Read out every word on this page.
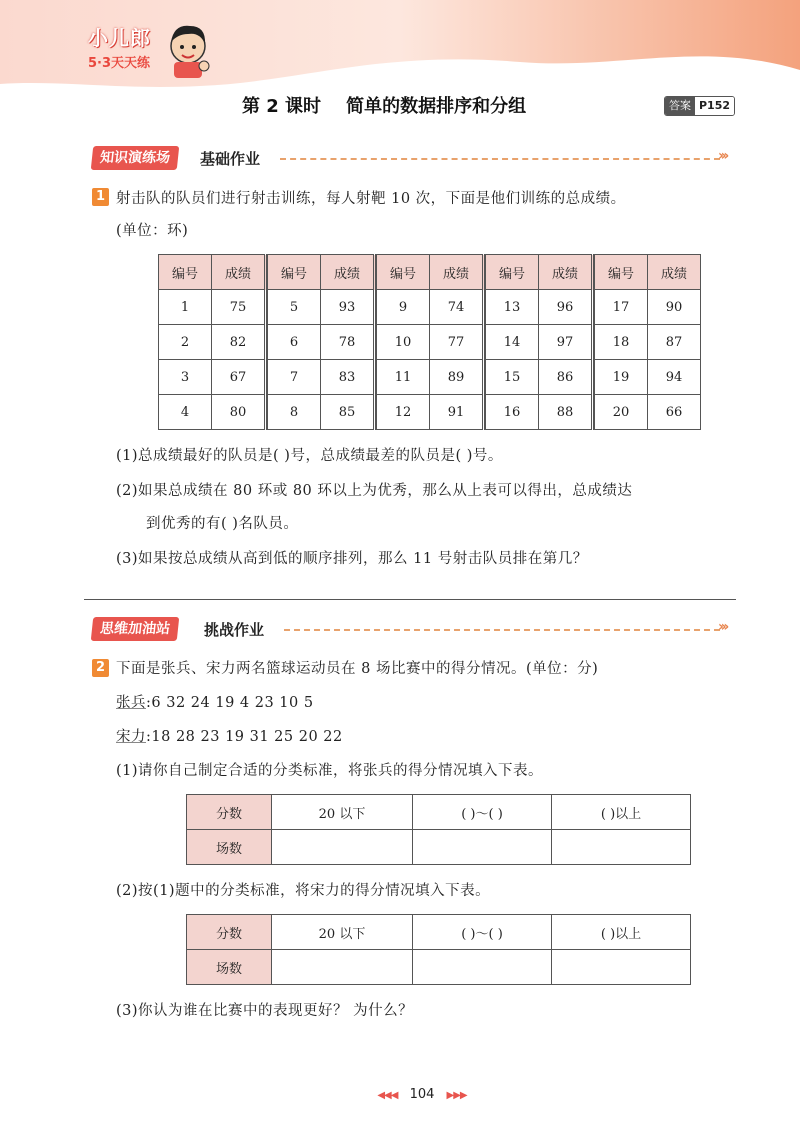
小儿郎
5·3天天练
第 2 课时    简单的数据排序和分组	答案 P152
知识演练场	基础作业	›››
1 射击队的队员们进行射击训练，每人射靶 10 次，下面是他们训练的总成绩。
(单位：环)
编号	成绩		编号	成绩		编号	成绩		编号	成绩		编号	成绩
1	75		5	93		9	74		13	96		17	90
2	82		6	78		10	77		14	97		18	87
3	67		7	83		11	89		15	86		19	94
4	80		8	85		12	91		16	88		20	66
(1)总成绩最好的队员是( )号，总成绩最差的队员是( )号。
(2)如果总成绩在 80 环或 80 环以上为优秀，那么从上表可以得出，总成绩达
到优秀的有( )名队员。
(3)如果按总成绩从高到低的顺序排列，那么 11 号射击队员排在第几？
思维加油站	挑战作业	›››
2 下面是张兵、宋力两名篮球运动员在 8 场比赛中的得分情况。(单位：分)
张兵:6 32 24 19 4 23 10 5
宋力:18 28 23 19 31 25 20 22
(1)请你自己制定合适的分类标准，将张兵的得分情况填入下表。
分数	20 以下	( )～( )	( )以上
场数			
(2)按(1)题中的分类标准，将宋力的得分情况填入下表。
分数	20 以下	( )～( )	( )以上
场数			
(3)你认为谁在比赛中的表现更好？ 为什么？
◀◀◀ 104 ▶▶▶
